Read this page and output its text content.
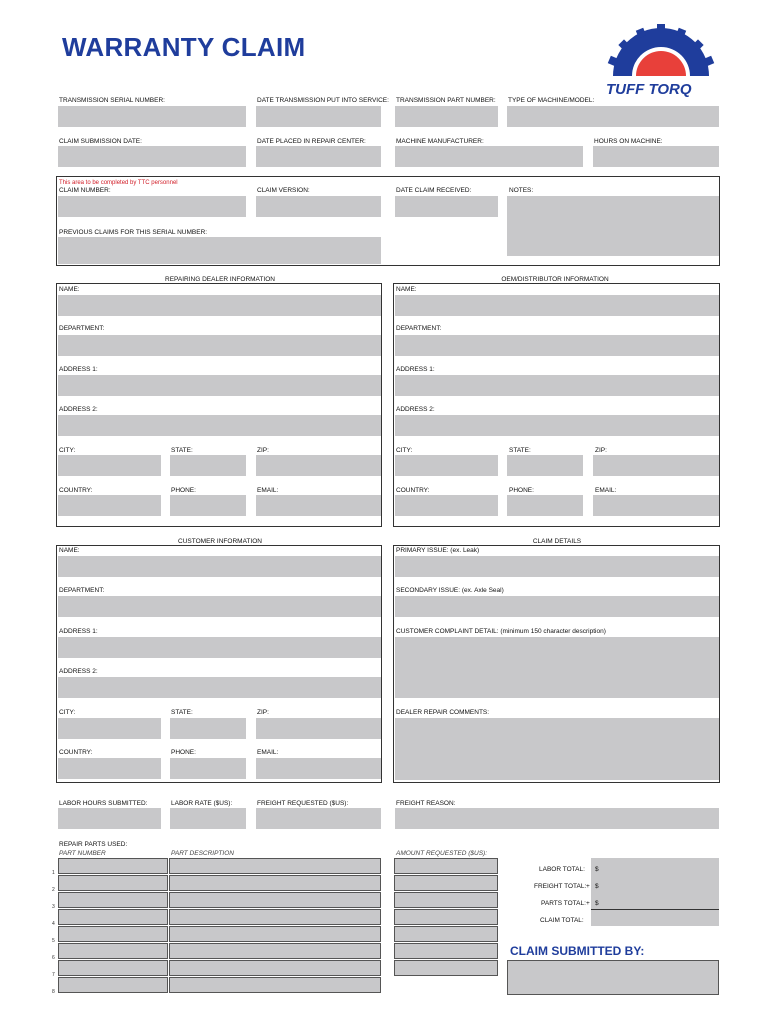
WARRANTY CLAIM
TUFF TORQ
TRANSMISSION SERIAL NUMBER:	DATE TRANSMISSION PUT INTO SERVICE: TRANSMISSION PART NUMBER: TYPE OF MACHINE/MODEL:
CLAIM SUBMISSION DATE:	DATE PLACED IN REPAIR CENTER:	MACHINE MANUFACTURER:	HOURS ON MACHINE:
This area to be completed by TTC personnel
CLAIM NUMBER:	CLAIM VERSION:	DATE CLAIM RECEIVED:	NOTES:
PREVIOUS CLAIMS FOR THIS SERIAL NUMBER:
REPAIRING DEALER INFORMATION
NAME:
DEPARTMENT:
ADDRESS 1:
ADDRESS 2:
CITY:	STATE:	ZIP:
COUNTRY:	PHONE:	EMAIL:
OEM/DISTRIBUTOR INFORMATION
NAME:
DEPARTMENT:
ADDRESS 1:
ADDRESS 2:
CITY:	STATE:	ZIP:
COUNTRY:	PHONE:	EMAIL:
CUSTOMER INFORMATION
NAME:
DEPARTMENT:
ADDRESS 1:
ADDRESS 2:
CITY:	STATE:	ZIP:
COUNTRY:	PHONE:	EMAIL:
CLAIM DETAILS
PRIMARY ISSUE: (ex. Leak)
SECONDARY ISSUE: (ex. Axle Seal)
CUSTOMER COMPLAINT DETAIL: (minimum 150 character description)
DEALER REPAIR COMMENTS:
LABOR HOURS SUBMITTED:	LABOR RATE ($US):	FREIGHT REQUESTED ($US):	FREIGHT REASON:
REPAIR PARTS USED:
PART NUMBER	PART DESCRIPTION	AMOUNT REQUESTED ($US):
1
2
3
4
5
6
7
8
LABOR TOTAL: $
FREIGHT TOTAL: + $
PARTS TOTAL: + $
CLAIM TOTAL:
CLAIM SUBMITTED BY:
